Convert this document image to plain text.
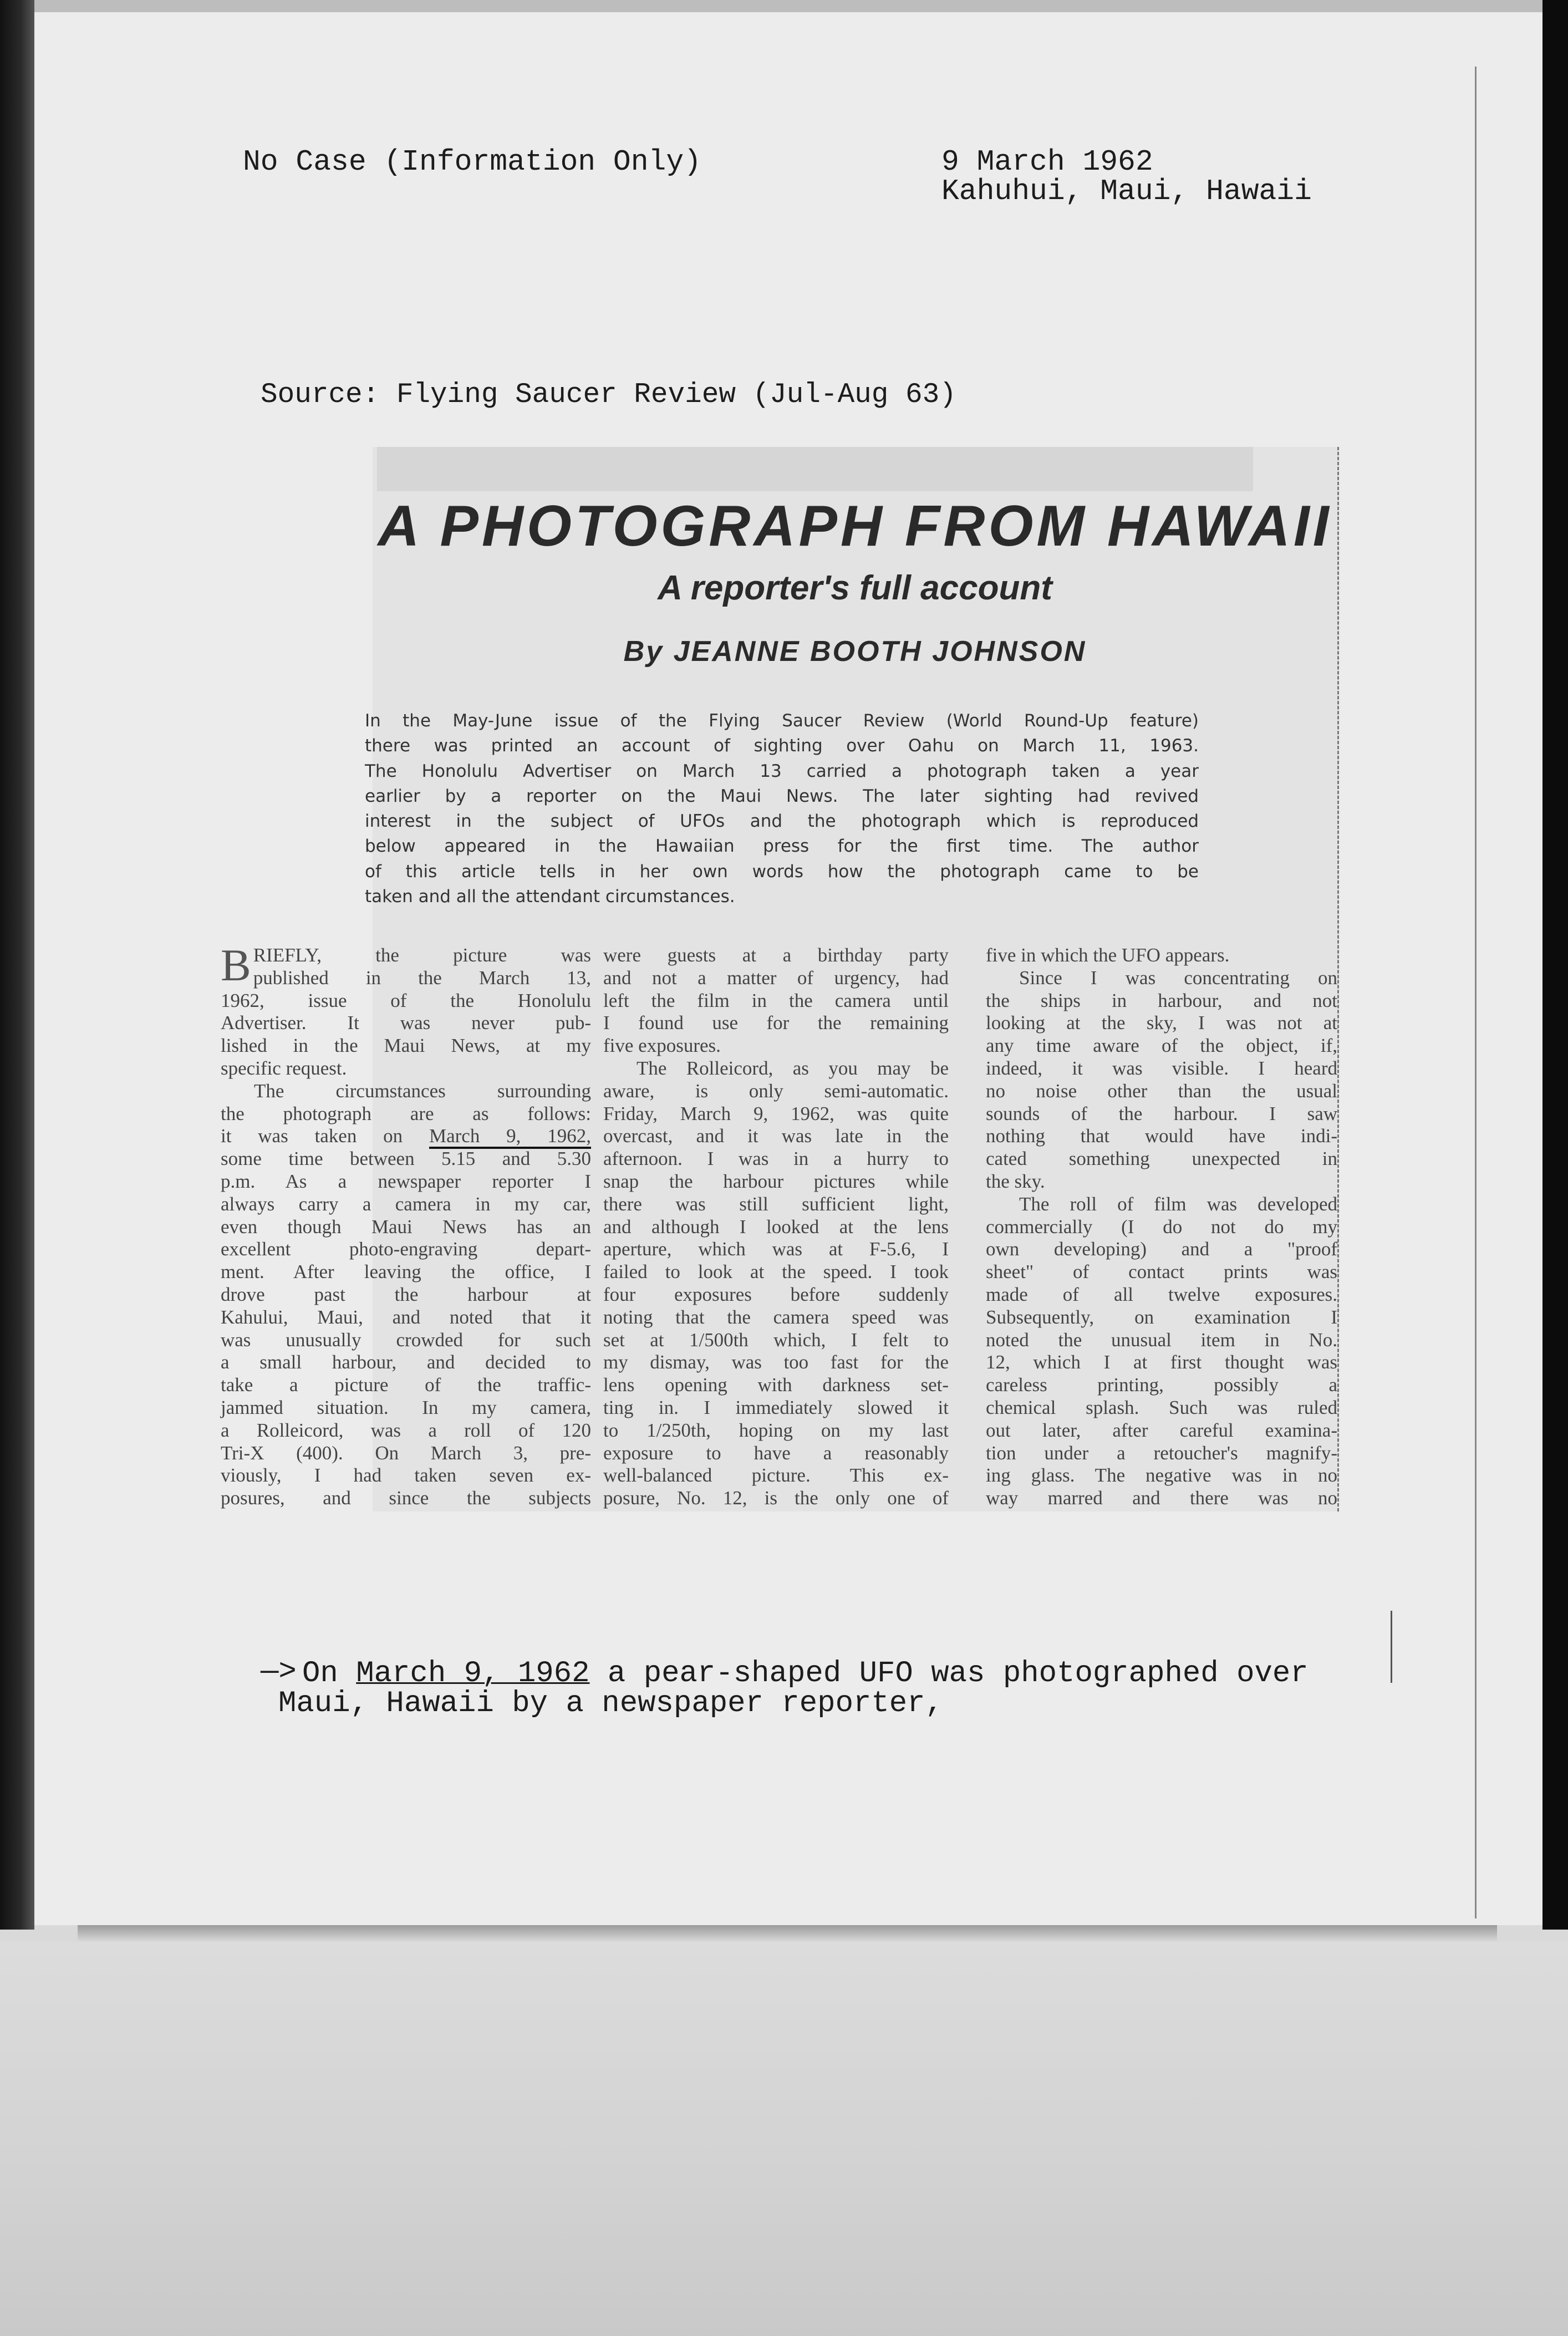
No Case (Information Only)	9 March 1962
Kahuhui, Maui, Hawaii
Source: Flying Saucer Review (Jul-Aug 63)
A PHOTOGRAPH FROM HAWAII
A reporter's full account
By JEANNE BOOTH JOHNSON
In the May-June issue of the Flying Saucer Review (World Round-Up feature)
there was printed an account of sighting over Oahu on March 11, 1963.
The Honolulu Advertiser on March 13 carried a photograph taken a year
earlier by a reporter on the Maui News. The later sighting had revived
interest in the subject of UFOs and the photograph which is reproduced
below appeared in the Hawaiian press for the first time. The author
of this article tells in her own words how the photograph came to be
taken and all the attendant circumstances.
BRIEFLY, the picture was
published in the March 13,
1962, issue of the Honolulu
Advertiser. It was never pub-
lished in the Maui News, at my
specific request.
The circumstances surrounding
the photograph are as follows:
it was taken on March 9, 1962,
some time between 5.15 and 5.30
p.m. As a newspaper reporter I
always carry a camera in my car,
even though Maui News has an
excellent photo-engraving depart-
ment. After leaving the office, I
drove past the harbour at
Kahului, Maui, and noted that it
was unusually crowded for such
a small harbour, and decided to
take a picture of the traffic-
jammed situation. In my camera,
a Rolleicord, was a roll of 120
Tri-X (400). On March 3, pre-
viously, I had taken seven ex-
posures, and since the subjects
were guests at a birthday party
and not a matter of urgency, had
left the film in the camera until
I found use for the remaining
five exposures.
The Rolleicord, as you may be
aware, is only semi-automatic.
Friday, March 9, 1962, was quite
overcast, and it was late in the
afternoon. I was in a hurry to
snap the harbour pictures while
there was still sufficient light,
and although I looked at the lens
aperture, which was at F-5.6, I
failed to look at the speed. I took
four exposures before suddenly
noting that the camera speed was
set at 1/500th which, I felt to
my dismay, was too fast for the
lens opening with darkness set-
ting in. I immediately slowed it
to 1/250th, hoping on my last
exposure to have a reasonably
well-balanced picture. This ex-
posure, No. 12, is the only one of
five in which the UFO appears.
Since I was concentrating on
the ships in harbour, and not
looking at the sky, I was not at
any time aware of the object, if,
indeed, it was visible. I heard
no noise other than the usual
sounds of the harbour. I saw
nothing that would have indi-
cated something unexpected in
the sky.
The roll of film was developed
commercially (I do not do my
own developing) and a "proof
sheet" of contact prints was
made of all twelve exposures.
Subsequently, on examination I
noted the unusual item in No.
12, which I at first thought was
careless printing, possibly a
chemical splash. Such was ruled
out later, after careful examina-
tion under a retoucher's magnify-
ing glass. The negative was in no
way marred and there was no
—> On March 9, 1962 a pear-shaped UFO was photographed over
Maui, Hawaii by a newspaper reporter,
